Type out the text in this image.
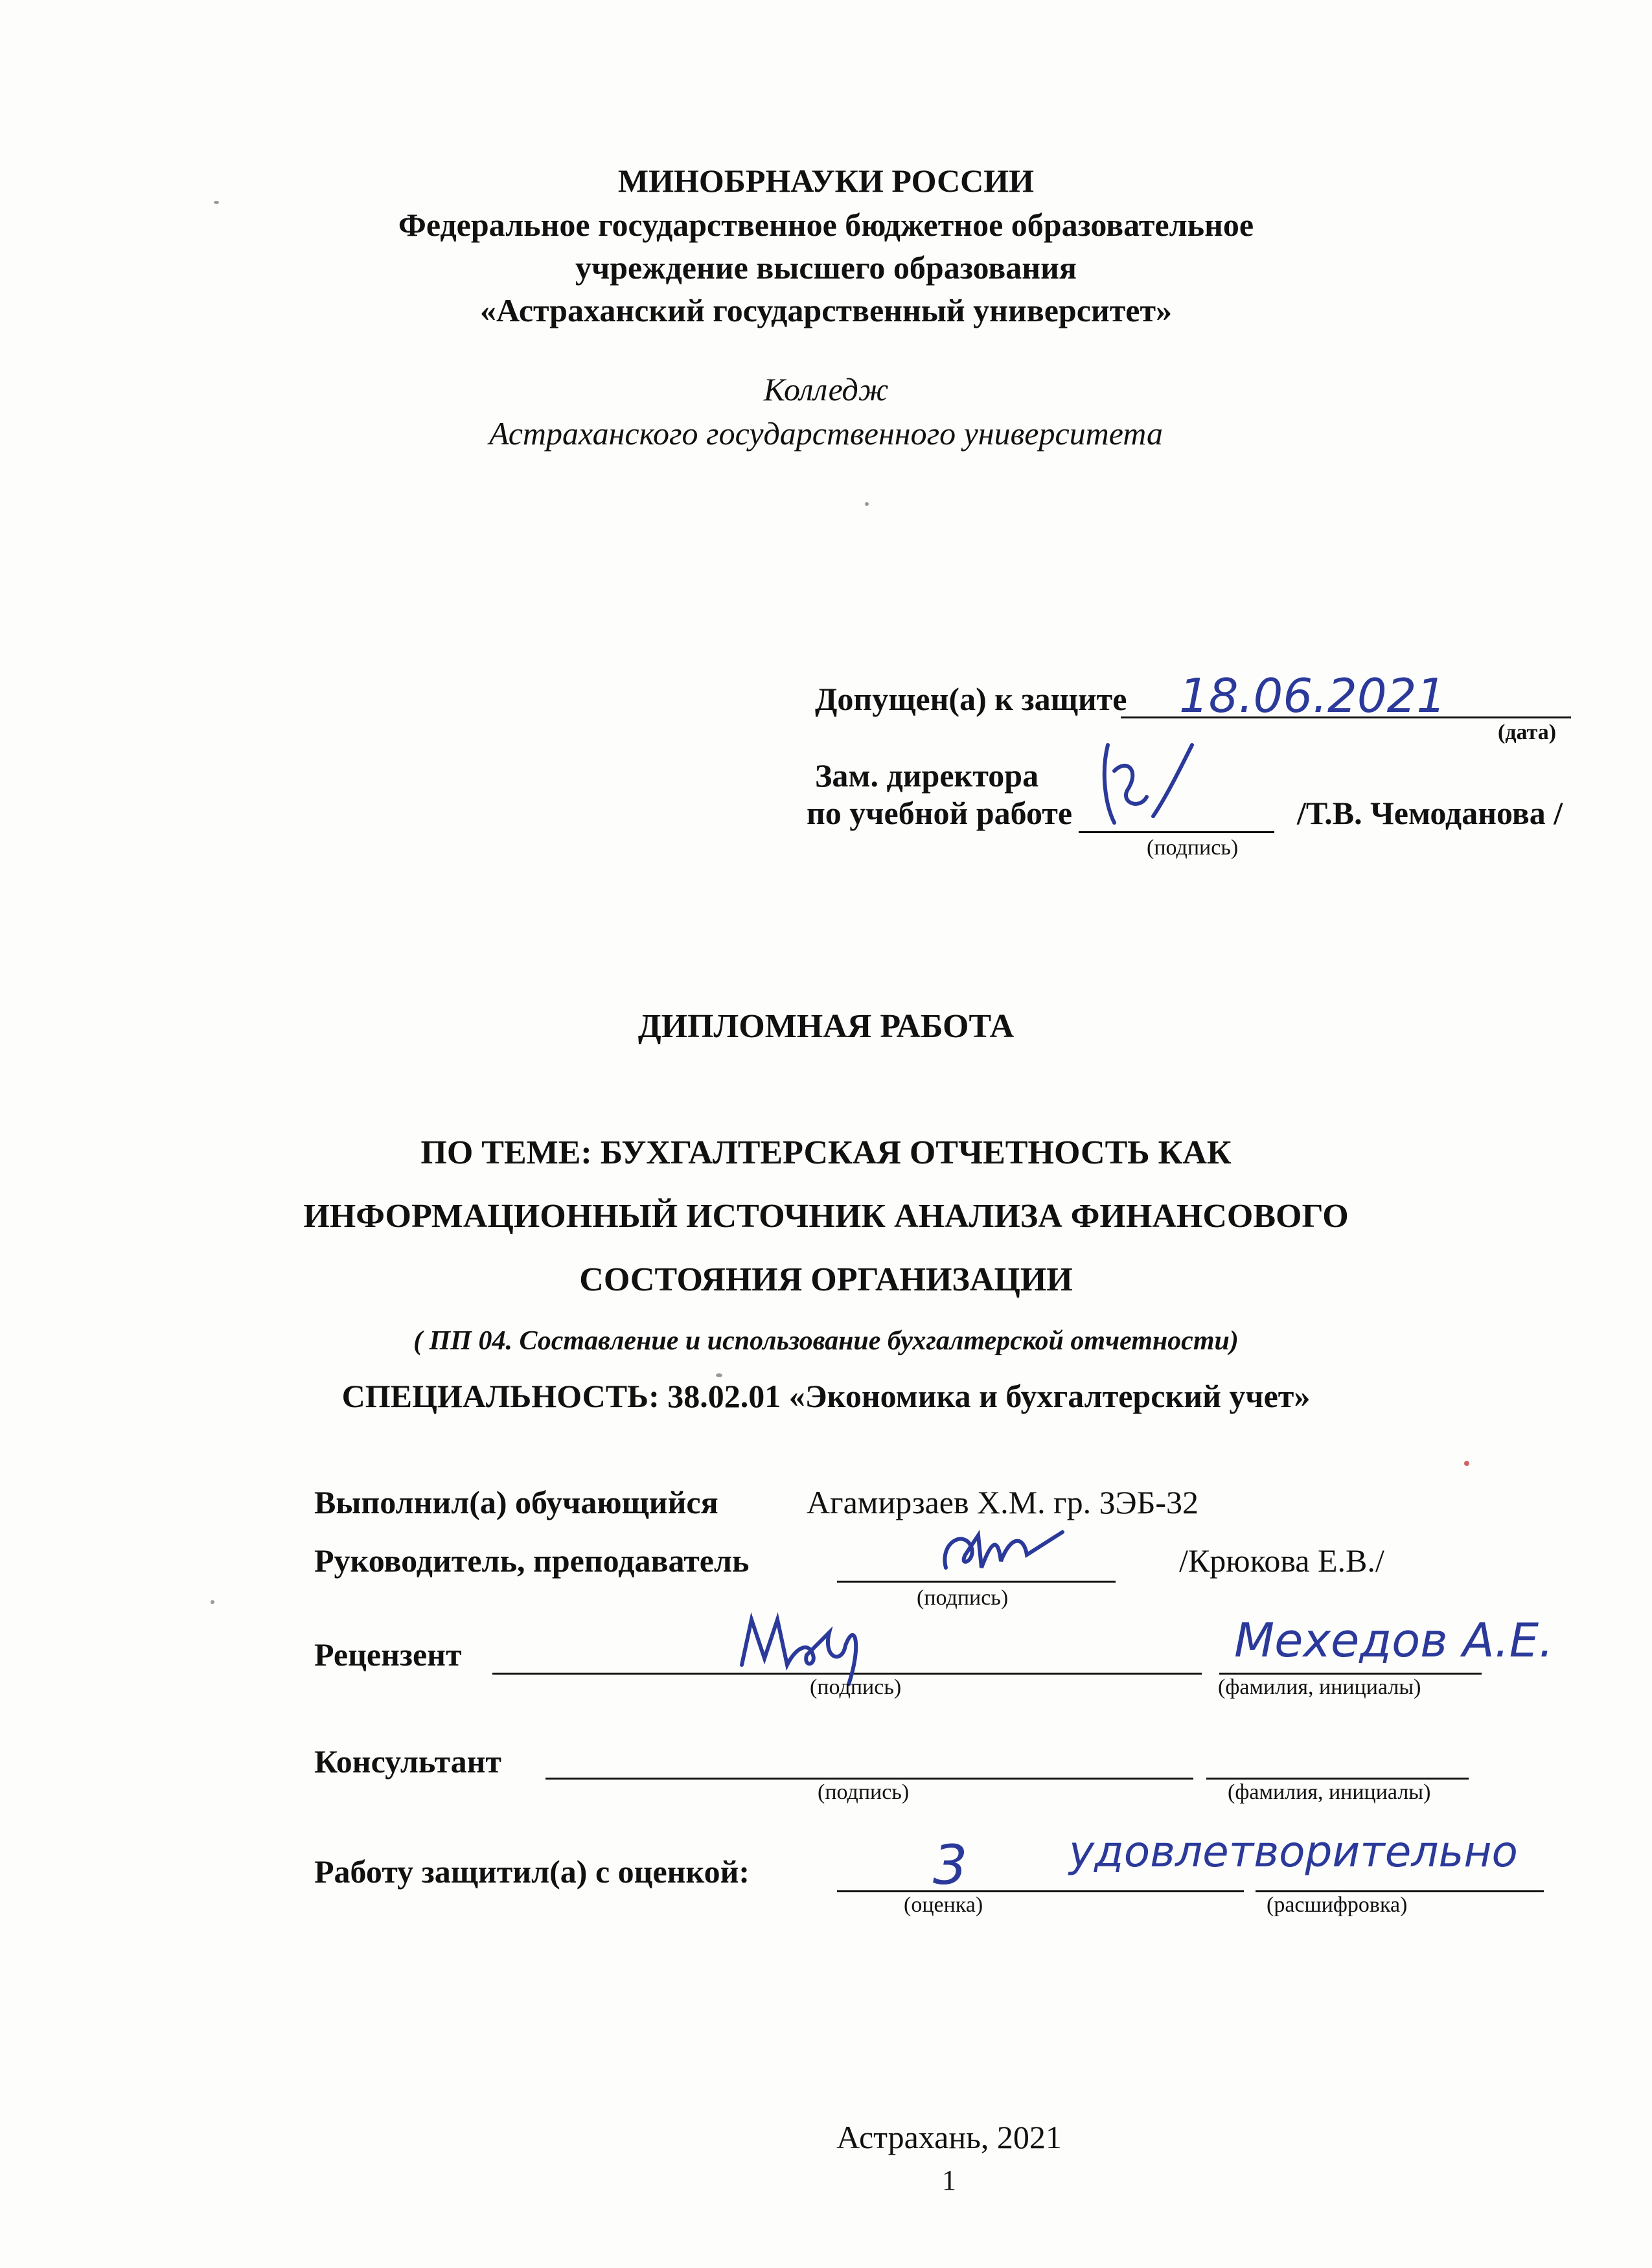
МИНОБРНАУКИ РОССИИ
Федеральное государственное бюджетное образовательное
учреждение высшего образования
«Астраханский государственный университет»
Колледж
Астраханского государственного университета
Допущен(а) к защите 18.06.2021
(дата)
Зам. директора
по учебной работе	/Т.В. Чемоданова /
(подпись)
ДИПЛОМНАЯ РАБОТА
ПО ТЕМЕ: БУХГАЛТЕРСКАЯ ОТЧЕТНОСТЬ КАК
ИНФОРМАЦИОННЫЙ ИСТОЧНИК АНАЛИЗА ФИНАНСОВОГО
СОСТОЯНИЯ ОРГАНИЗАЦИИ
( ПП 04. Составление и использование бухгалтерской отчетности)
СПЕЦИАЛЬНОСТЬ: 38.02.01 «Экономика и бухгалтерский учет»
Выполнил(а) обучающийся	Агамирзаев Х.М. гр. ЗЭБ-32
Руководитель, преподаватель	/Крюкова Е.В./
(подпись)
Рецензент	Мехедов А.Е.
(подпись)	(фамилия, инициалы)
Консультант
(подпись)	(фамилия, инициалы)
Работу защитил(а) с оценкой:	3 удовлетворительно
(оценка)	(расшифровка)
Астрахань, 2021
1
